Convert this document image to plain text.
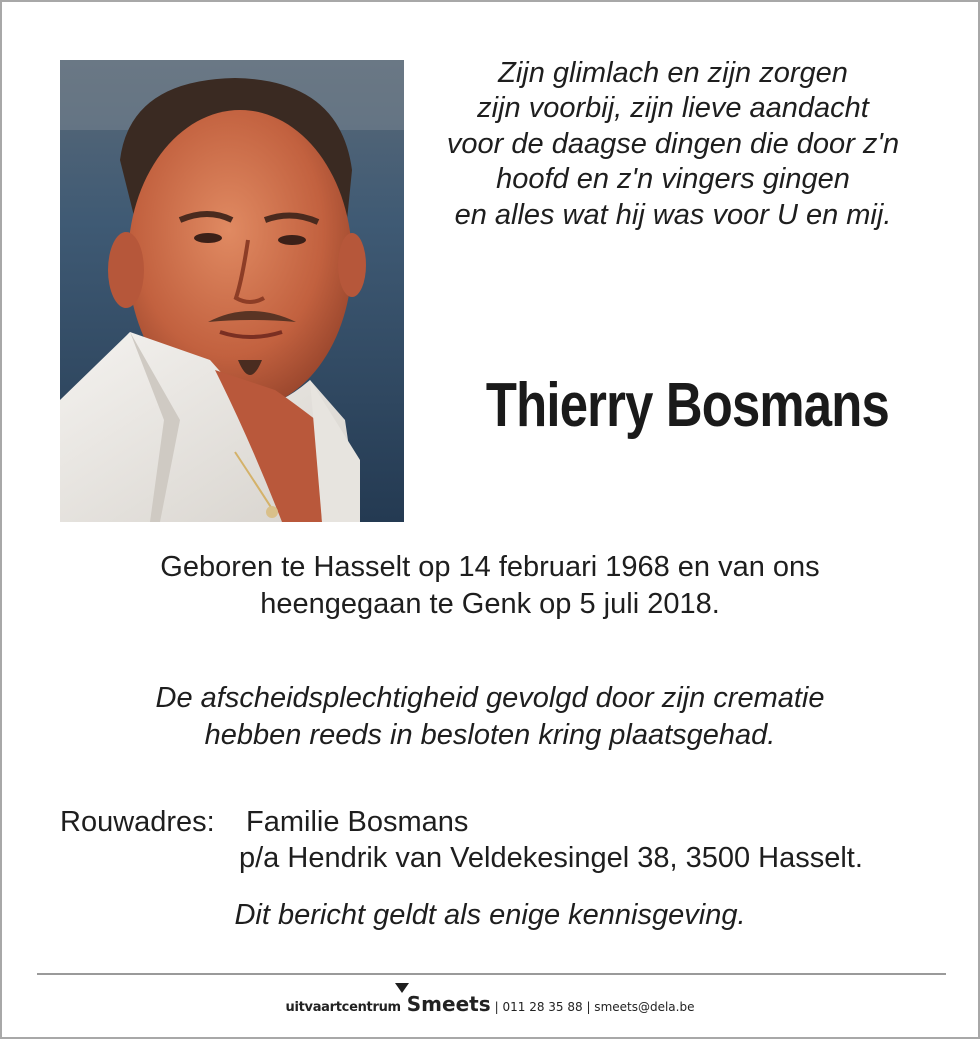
Zijn glimlach en zijn zorgen
zijn voorbij, zijn lieve aandacht
voor de daagse dingen die door z'n
hoofd en z'n vingers gingen
en alles wat hij was voor U en mij.
Thierry Bosmans
Geboren te Hasselt op 14 februari 1968 en van ons
heengegaan te Genk op 5 juli 2018.
De afscheidsplechtigheid gevolgd door zijn crematie
hebben reeds in besloten kring plaatsgehad.
Rouwadres: Familie Bosmans
p/a Hendrik van Veldekesingel 38, 3500 Hasselt.
Dit bericht geldt als enige kennisgeving.
uitvaartcentrum Smeets | 011 28 35 88 | smeets@dela.be
